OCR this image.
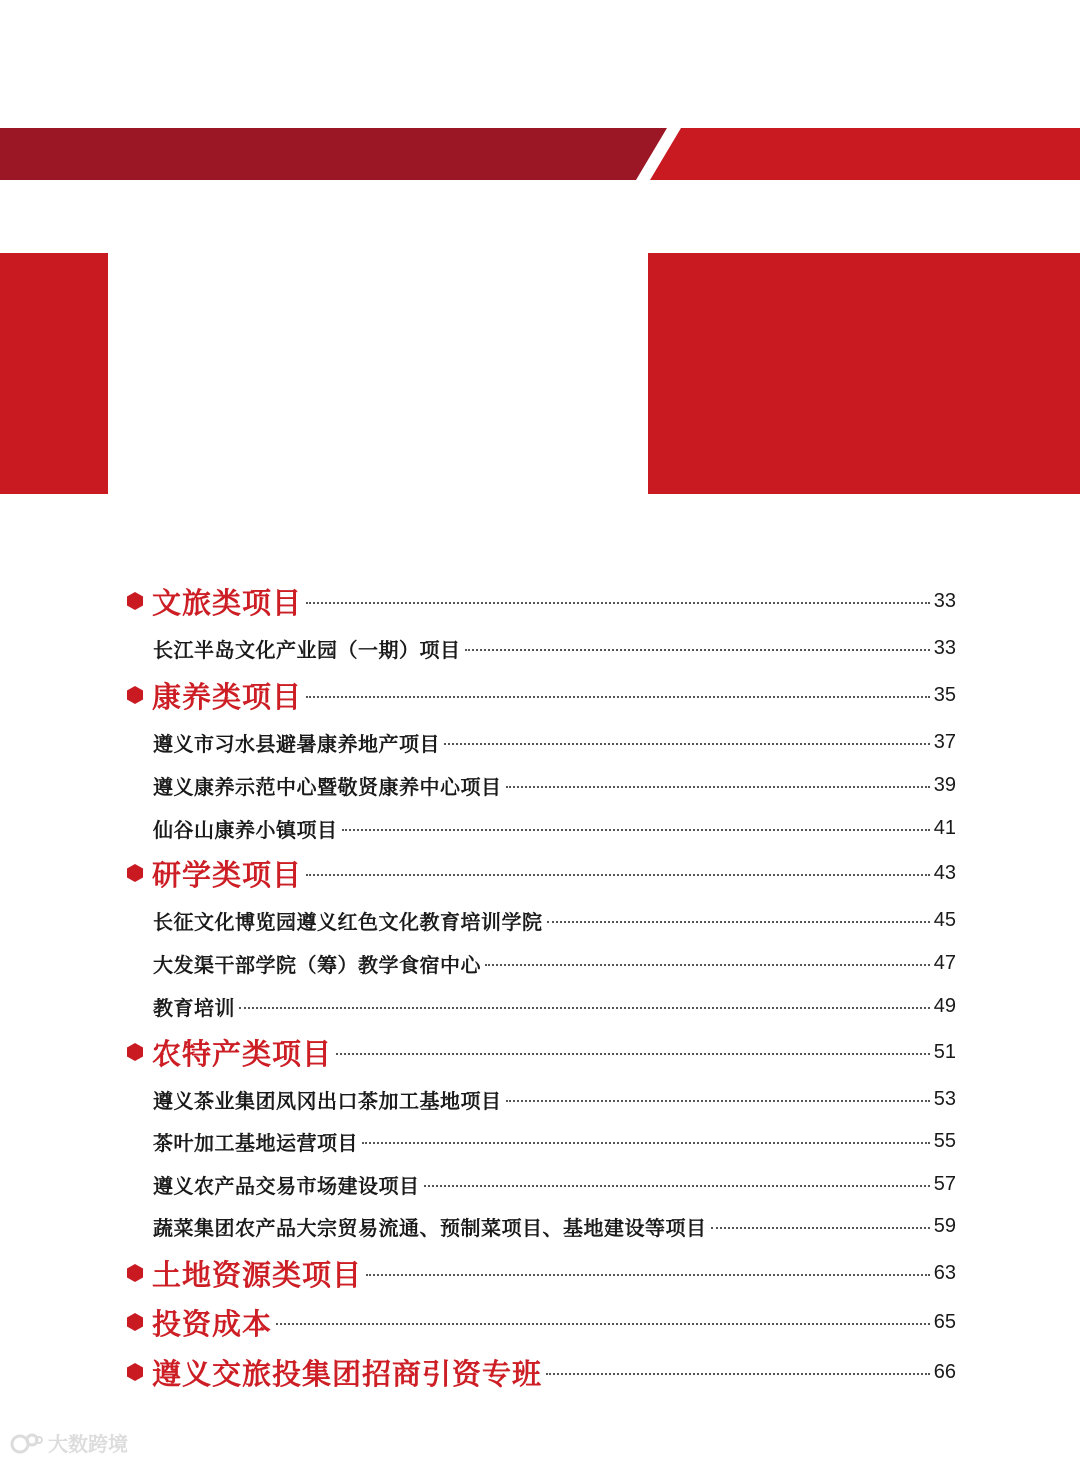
文旅类项目	33
长江半岛文化产业园（一期）项目	33
康养类项目	35
遵义市习水县避暑康养地产项目	37
遵义康养示范中心暨敬贤康养中心项目	39
仙谷山康养小镇项目	41
研学类项目	43
长征文化博览园遵义红色文化教育培训学院	45
大发渠干部学院（筹）教学食宿中心	47
教育培训	49
农特产类项目	51
遵义茶业集团凤冈出口茶加工基地项目	53
茶叶加工基地运营项目	55
遵义农产品交易市场建设项目	57
蔬菜集团农产品大宗贸易流通、预制菜项目、基地建设等项目	59
土地资源类项目	63
投资成本	65
遵义交旅投集团招商引资专班	66
大数跨境
